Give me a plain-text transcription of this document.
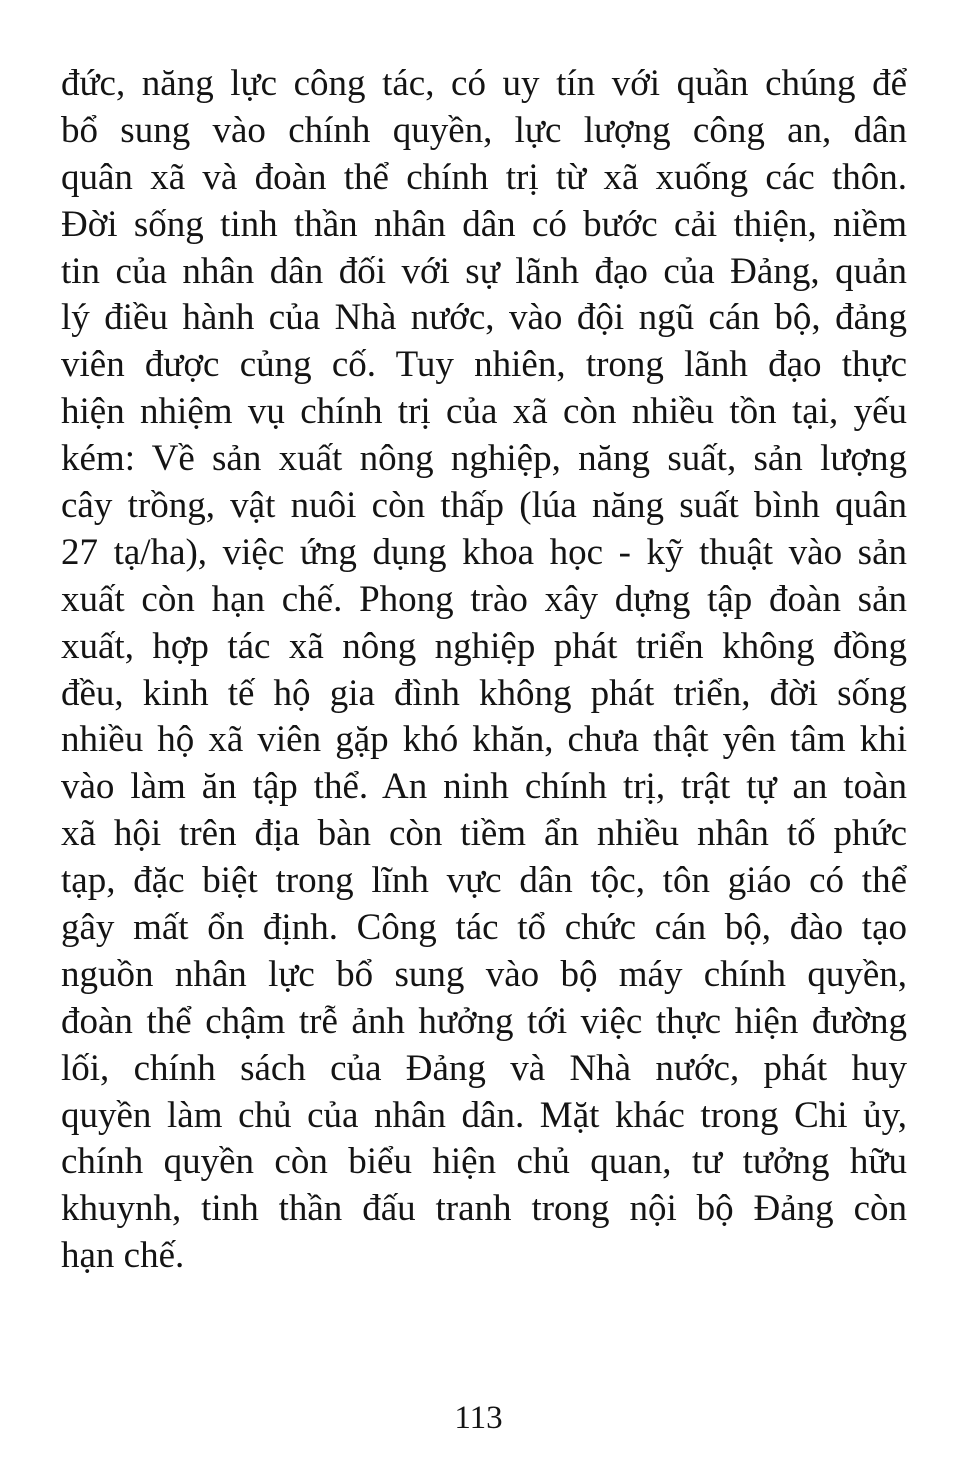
đức, năng lực công tác, có uy tín với quần chúng để
bổ sung vào chính quyền, lực lượng công an, dân
quân xã và đoàn thể chính trị từ xã xuống các thôn.
Đời sống tinh thần nhân dân có bước cải thiện, niềm
tin của nhân dân đối với sự lãnh đạo của Đảng, quản
lý điều hành của Nhà nước, vào đội ngũ cán bộ, đảng
viên được củng cố. Tuy nhiên, trong lãnh đạo thực
hiện nhiệm vụ chính trị của xã còn nhiều tồn tại, yếu
kém: Về sản xuất nông nghiệp, năng suất, sản lượng
cây trồng, vật nuôi còn thấp (lúa năng suất bình quân
27 tạ/ha), việc ứng dụng khoa học - kỹ thuật vào sản
xuất còn hạn chế. Phong trào xây dựng tập đoàn sản
xuất, hợp tác xã nông nghiệp phát triển không đồng
đều, kinh tế hộ gia đình không phát triển, đời sống
nhiều hộ xã viên gặp khó khăn, chưa thật yên tâm khi
vào làm ăn tập thể. An ninh chính trị, trật tự an toàn
xã hội trên địa bàn còn tiềm ẩn nhiều nhân tố phức
tạp, đặc biệt trong lĩnh vực dân tộc, tôn giáo có thể
gây mất ổn định. Công tác tổ chức cán bộ, đào tạo
nguồn nhân lực bổ sung vào bộ máy chính quyền,
đoàn thể chậm trễ ảnh hưởng tới việc thực hiện đường
lối, chính sách của Đảng và Nhà nước, phát huy
quyền làm chủ của nhân dân. Mặt khác trong Chi ủy,
chính quyền còn biểu hiện chủ quan, tư tưởng hữu
khuynh, tinh thần đấu tranh trong nội bộ Đảng còn
hạn chế.

113
